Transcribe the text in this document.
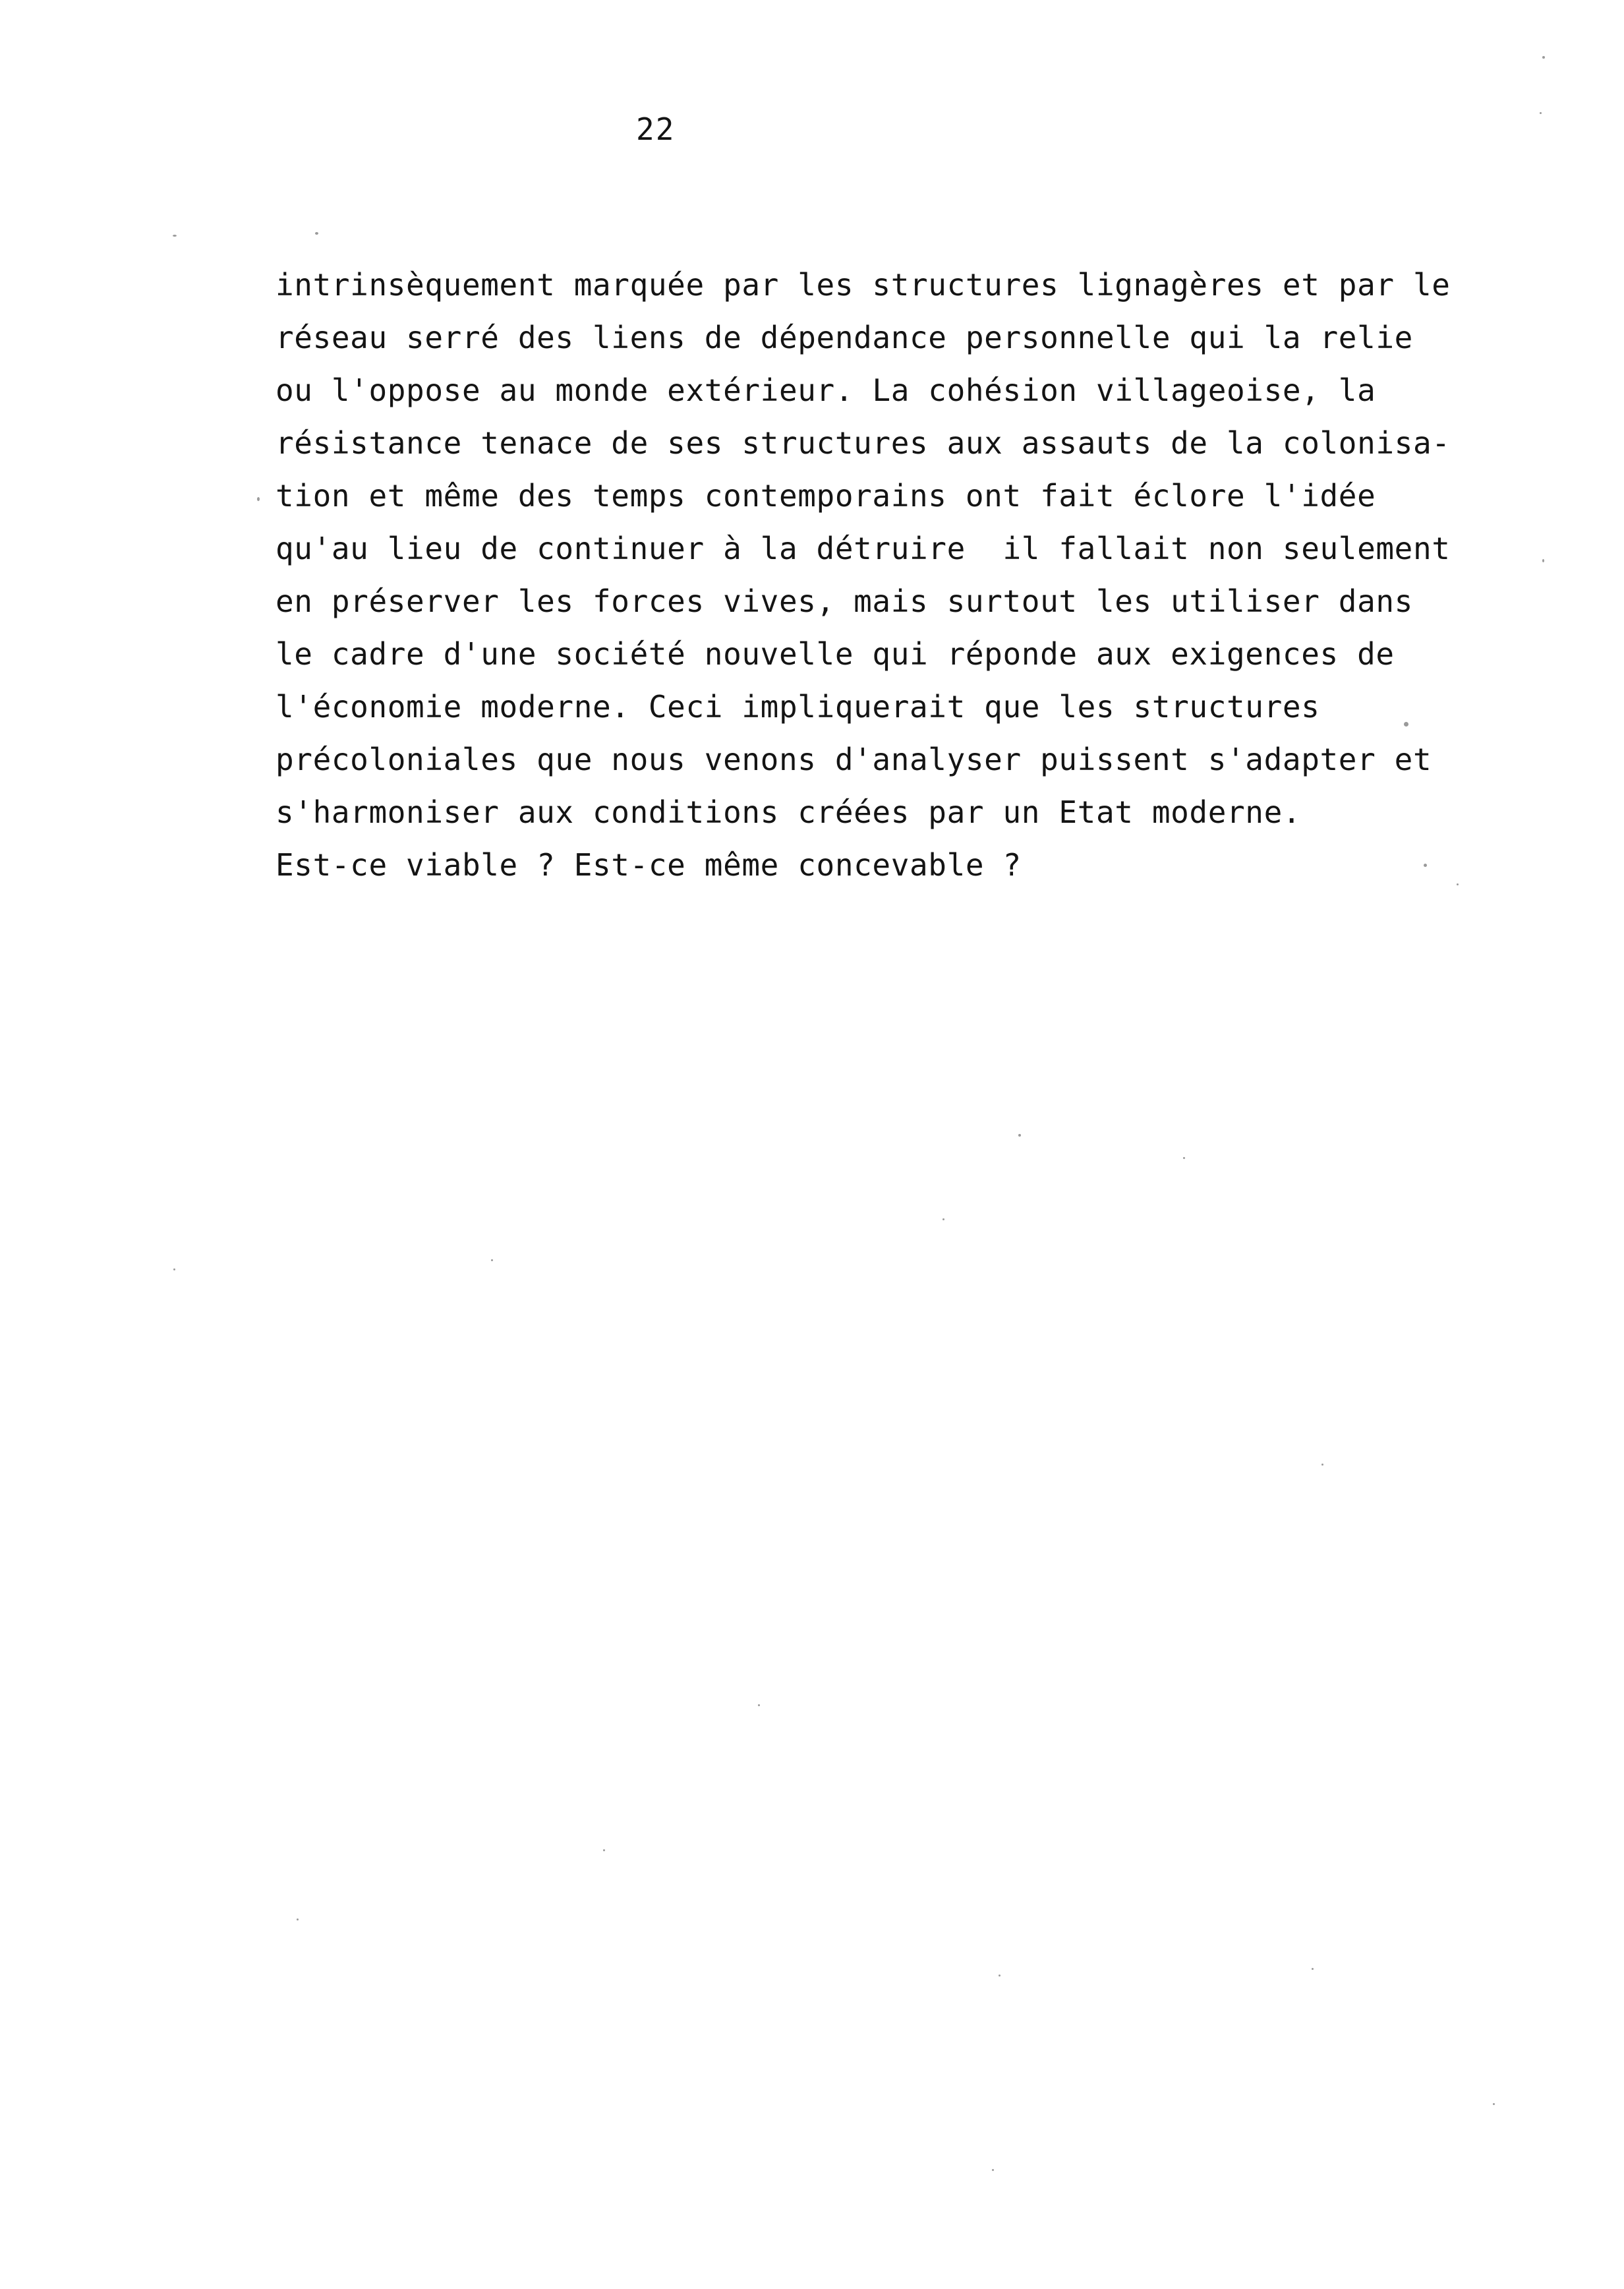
22
intrinsèquement marquée par les structures lignagères et par le
réseau serré des liens de dépendance personnelle qui la relie
ou l'oppose au monde extérieur. La cohésion villageoise, la
résistance tenace de ses structures aux assauts de la colonisa-
tion et même des temps contemporains ont fait éclore l'idée
qu'au lieu de continuer à la détruire  il fallait non seulement
en préserver les forces vives, mais surtout les utiliser dans
le cadre d'une société nouvelle qui réponde aux exigences de
l'économie moderne. Ceci impliquerait que les structures
précoloniales que nous venons d'analyser puissent s'adapter et
s'harmoniser aux conditions créées par un Etat moderne.
Est-ce viable ? Est-ce même concevable ?
